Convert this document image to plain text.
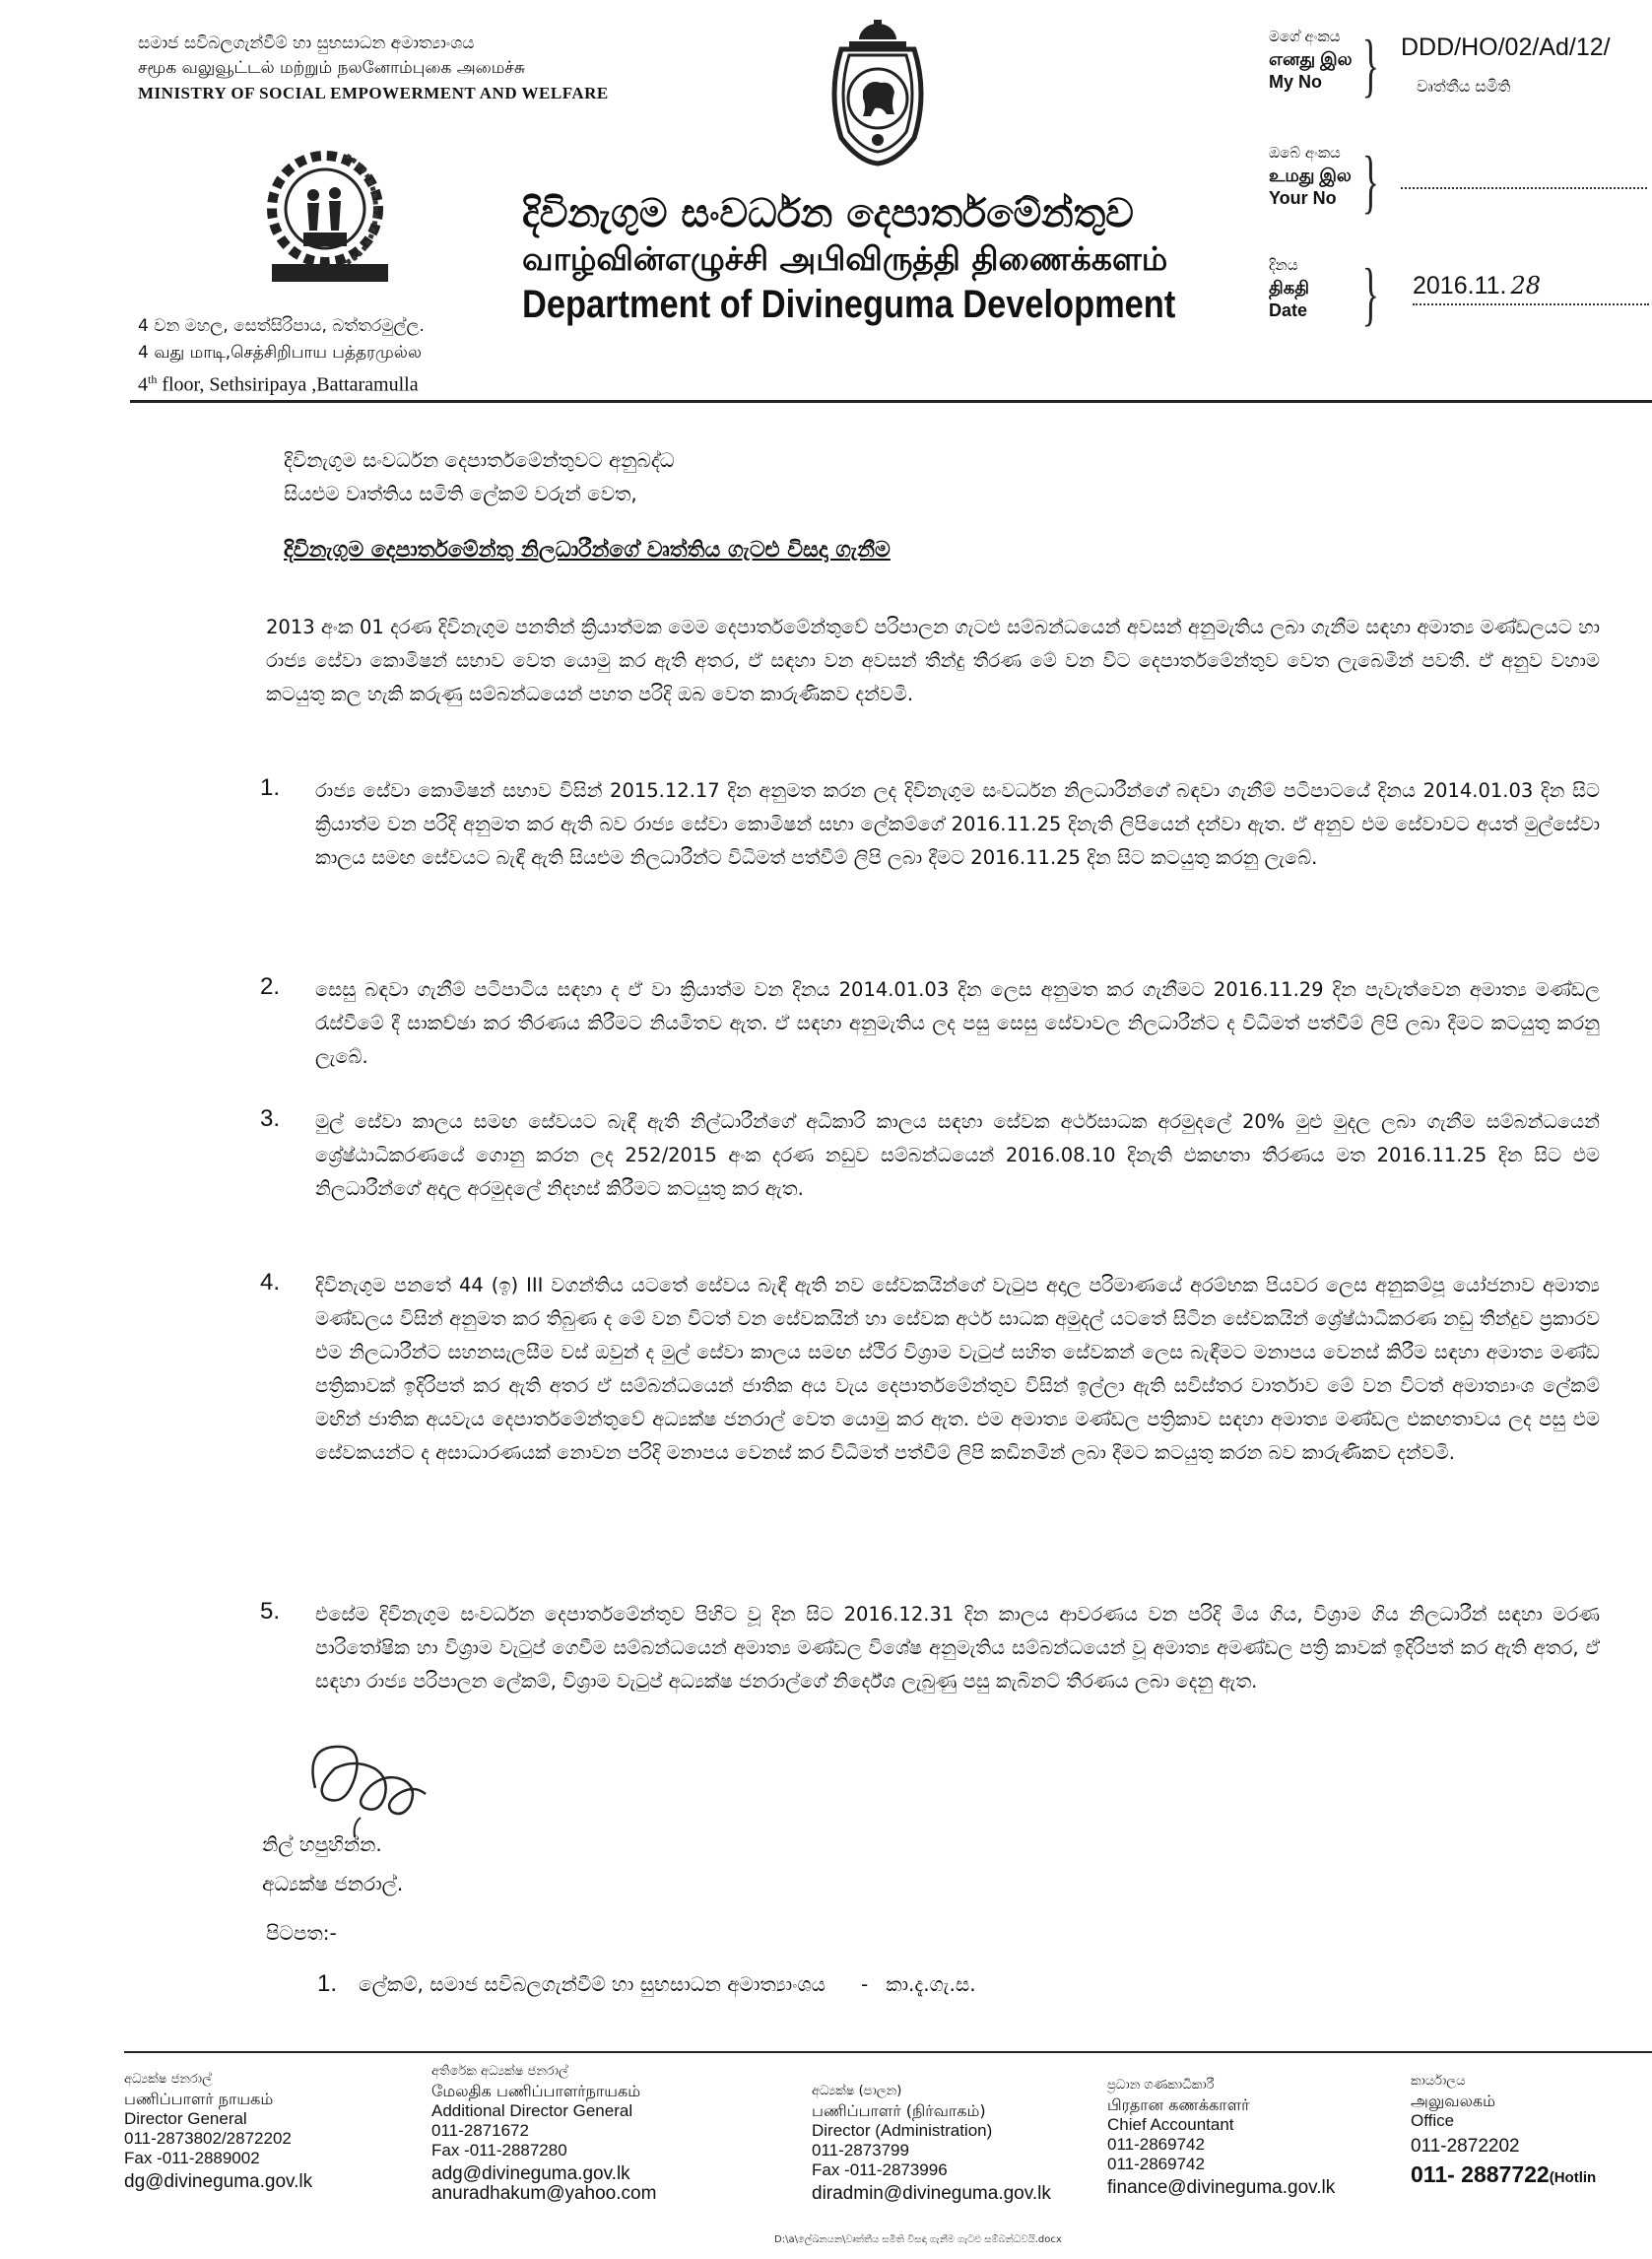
සමාජ සවිබලගැන්වීම් හා සුභසාධන අමාත්‍යාංශය
சமூக வலுவூட்டல் மற்றும் நலனோம்புகை அமைச்சு
MINISTRY OF SOCIAL EMPOWERMENT AND WELFARE
දිවිනැගුම සංවර්ධන දෙපාර්තමේන්තුව
வாழ்வின்எழுச்சி அபிவிருத்தி திணைக்களம்
Department of Divineguma Development
4 වන මහල, සෙත්සිරිපාය, බත්තරමුල්ල.
4 வது மாடி,செத்சிறிபாய பத்தரமுல்ல
4th floor, Sethsiripaya ,Battaramulla
මගේ අංකය
எனது இல
My No } DDD/HO/02/Ad/12/
වෘත්තීය සමිති
ඔබේ අංකය
உமது இல
Your No }
දිනය
திகதி
Date } 2016.11. 28
දිවිනැගුම සංවර්ධන දෙපාර්තමේන්තුවට අනුබද්ධ
සියළුම වෘත්තිය සමිති ලේකම් වරුන් වෙත,
දිවිනැගුම දෙපාර්තමේන්තු නිලධාරීන්ගේ වෘත්තිය ගැටළු විසදා ගැනීම
2013 අංක 01 දරණ දිවිනැගුම පනතින් ක්‍රියාත්මක මෙම දෙපාර්තමේන්තුවේ පරිපාලන ගැටළු සම්බන්ධයෙන් අවසන් අනුමැතිය ලබා ගැනීම සඳහා අමාත්‍ය මණ්ඩලයට හා රාජ්‍ය සේවා කොමිෂන් සභාව වෙත යොමු කර ඇති අතර, ඒ සඳහා වන අවසන් තීන්දු තීරණ මේ වන විට දෙපාර්තමේන්තුව වෙත ලැබෙමින් පවතී. ඒ අනුව වහාම කටයුතු කල හැකි කරුණු සම්බන්ධයෙන් පහත පරිදි ඔබ වෙත කාරුණිකව දන්වමි.
1. රාජ්‍ය සේවා කොමිෂන් සභාව විසින් 2015.12.17 දින අනුමත කරන ලද දිවිනැගුම සංවර්ධන නිලධාරීන්ගේ බඳවා ගැනීම් පටිපාටයේ දිනය 2014.01.03 දින සිට ක්‍රියාත්ම වන පරිදි අනුමත කර ඇති බව රාජ්‍ය සේවා කොමිෂන් සභා ලේකම්ගේ 2016.11.25 දිනැති ලිපියෙන් දන්වා ඇත. ඒ අනුව එම සේවාවට අයත් මුල්සේවා කාලය සමඟ සේවයට බැඳී ඇති සියළුම නිලධාරීන්ට විධිමත් පත්වීම් ලිපි ලබා දීමට 2016.11.25 දින සිට කටයුතු කරනු ලැබේ.
2. සෙසු බඳවා ගැනීම් පටිපාටිය සඳහා ද ඒ වා ක්‍රියාත්ම වන දිනය 2014.01.03 දින ලෙස අනුමත කර ගැනීමට 2016.11.29 දින පැවැත්වෙන අමාත්‍ය මණ්ඩල රැස්වීමේ දී සාකච්ඡා කර තීරණය කිරීමට නියමිතව ඇත. ඒ සඳහා අනුමැතිය ලද පසු සෙසු සේවාවල නිලධාරීන්ට ද විධිමත් පත්වීම් ලිපි ලබා දීමට කටයුතු කරනු ලැබේ.
3. මුල් සේවා කාලය සමඟ සේවයට බැඳී ඇති නිල්ධාරීන්ගේ අධිකාරි කාලය සඳහා සේවක අර්ථසාධක අරමුදලේ 20% මුළු මුදල ලබා ගැනීම සම්බන්ධයෙන් ශ්‍රේෂ්ඨාධිකරණයේ ගොනු කරන ලද 252/2015 අංක දරණ නඩුව සම්බන්ධයෙන් 2016.08.10 දිනැති එකඟතා තීරණය මත 2016.11.25 දින සිට එම නිලධාරීන්ගේ අදාල අරමුදලේ නිදහස් කිරීමට කටයුතු කර ඇත.
4. දිවිනැගුම පනතේ 44 (ඉ) III වගන්තිය යටතේ සේවය බැඳී ඇති නව සේවකයින්ගේ වැටුප අදාල පරිමාණයේ අරම්භක පියවර ලෙස අනුකම්පූ යෝජනාව අමාත්‍ය මණ්ඩලය විසින් අනුමත කර තිබුණ ද මේ වන විටත් වන සේවකයින් හා සේවක අර්ථ සාධක අමුදල් යටතේ සිටින සේවකයින් ශ්‍රේෂ්ඨාධිකරණ නඩු තීන්දුව ප්‍රකාරව එම නිලධාරීන්ට සහනසැලසීම වස් ඔවුන් ද මුල් සේවා කාලය සමඟ ස්ථිර විශ්‍රාම වැටුප් සහිත සේවකන් ලෙස බැඳීමට මනාපය වෙනස් කිරීම සඳහා අමාත්‍ය මණ්ඩ පත්‍රිකාවක් ඉදිරිපත් කර ඇති අතර ඒ සම්බන්ධයෙන් ජාතික අය වැය දෙපාර්තමේන්තුව විසින් ඉල්ලා ඇති සවිස්තර වාර්තාව මේ වන විටත් අමාත්‍යාංශ ලේකම් මඟින් ජාතික අයවැය දෙපාර්තමේන්තුවේ අධ්‍යක්ෂ ජනරාල් වෙත යොමු කර ඇත. එම අමාත්‍ය මණ්ඩල පත්‍රිකාව සඳහා අමාත්‍ය මණ්ඩල එකඟතාවය ලද පසු එම සේවකයන්ට ද අසාධාරණයක් නොවන පරිදි මනාපය වෙනස් කර විධිමත් පත්වීම් ලිපි කඩිනමින් ලබා දීමට කටයුතු කරන බව කාරුණිකව දන්වමි.
5. එසේම දිවිනැගුම සංවර්ධන දෙපාර්තමේන්තුව පිහිට වූ දින සිට 2016.12.31 දින කාලය ආවරණය වන පරිදි මිය ගිය, විශ්‍රාම ගිය නිලධාරීන් සඳහා මරණ පාරිතෝෂික හා විශ්‍රාම වැටුප් ගෙවීම සම්බන්ධයෙන් අමාත්‍ය මණ්ඩල විශේෂ අනුමැතිය සම්බන්ධයෙන් වූ අමාත්‍ය අමණ්ඩල පත්‍රි කාවක් ඉදිරිපත් කර ඇති අතර, ඒ සඳහා රාජ්‍ය පරිපාලන ලේකම්, විශ්‍රාම වැටුප් අධ්‍යක්ෂ ජනරාල්ගේ නිර්දේශ ලැබුණු පසු කැබිනට් තීරණය ලබා දෙනු ඇත.
නිල් හපුහින්න.
අධ්‍යක්ෂ ජනරාල්.
පිටපත:-
1. ලේකම්, සමාජ සවිබලගැන්වීම් හා සුභසාධන අමාත්‍යාංශය - කා.දැ.ගැ.ස.
අධ්‍යක්ෂ ජනරාල්
பணிப்பாளர் நாயகம்
Director General
011-2873802/2872202
Fax -011-2889002
dg@divineguma.gov.lk
අතිරේක අධ්‍යක්ෂ ජනරාල්
மேலதிக பணிப்பாளர்நாயகம்
Additional Director General
011-2871672
Fax -011-2887280
adg@divineguma.gov.lk
anuradhakum@yahoo.com
අධ්‍යක්ෂ (පාලන)
பணிப்பாளர் (நிர்வாகம்)
Director (Administration)
011-2873799
Fax -011-2873996
diradmin@divineguma.gov.lk
ප්‍රධාන ගණකාධිකාරී
பிரதான கணக்காளர்
Chief Accountant
011-2869742
011-2869742
finance@divineguma.gov.lk
කාර්යාලය
அலுவலகம்
Office
011-2872202
011- 2887722(Hotlin
D:\a\ලේඛනයන\වෘත්තීය සමිති විසඳා ගැනීම ගැටළු සම්බන්ධවයි.docx
